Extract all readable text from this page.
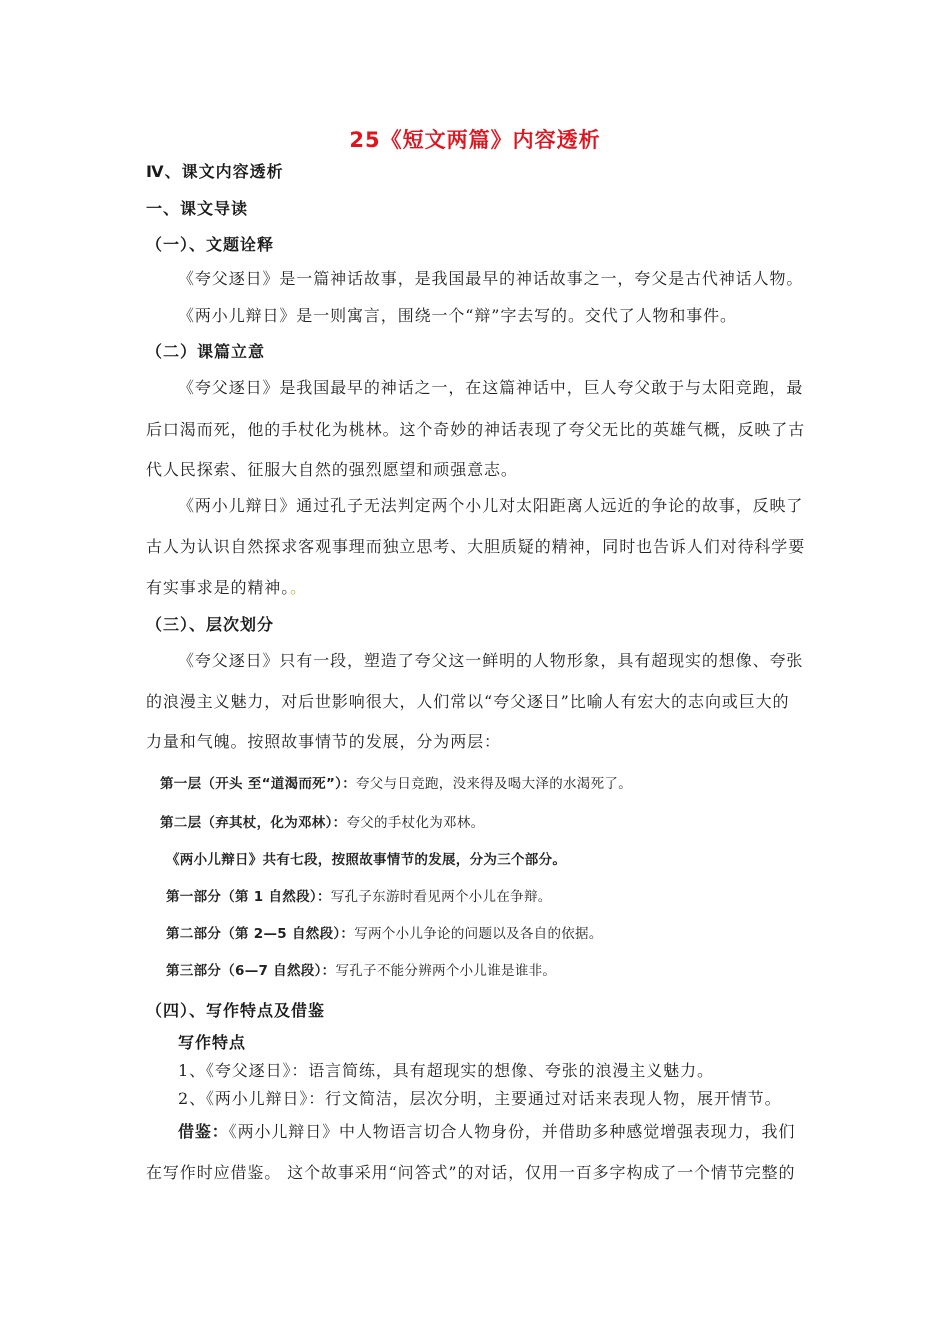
25《短文两篇》内容透析
Ⅳ、课文内容透析
一、课文导读
（一）、文题诠释
《夸父逐日》是一篇神话故事，是我国最早的神话故事之一，夸父是古代神话人物。
《两小儿辩日》是一则寓言，围绕一个“辩”字去写的。交代了人物和事件。
（二）课篇立意
《夸父逐日》是我国最早的神话之一，在这篇神话中，巨人夸父敢于与太阳竞跑，最
后口渴而死，他的手杖化为桃林。这个奇妙的神话表现了夸父无比的英雄气概，反映了古
代人民探索、征服大自然的强烈愿望和顽强意志。
《两小儿辩日》通过孔子无法判定两个小儿对太阳距离人远近的争论的故事，反映了
古人为认识自然探求客观事理而独立思考、大胆质疑的精神，同时也告诉人们对待科学要
有实事求是的精神。。
（三）、层次划分
《夸父逐日》只有一段，塑造了夸父这一鲜明的人物形象，具有超现实的想像、夸张
的浪漫主义魅力，对后世影响很大，人们常以“夸父逐日”比喻人有宏大的志向或巨大的
力量和气魄。按照故事情节的发展，分为两层：
第一层（开头 至“道渴而死”）：夸父与日竞跑，没来得及喝大泽的水渴死了。
第二层（弃其杖，化为邓林）：夸父的手杖化为邓林。
《两小儿辩日》共有七段，按照故事情节的发展，分为三个部分。
第一部分（第 1 自然段）：写孔子东游时看见两个小儿在争辩。
第二部分（第 2—5 自然段）：写两个小儿争论的问题以及各自的依据。
第三部分（6—7 自然段）：写孔子不能分辨两个小儿谁是谁非。
（四）、写作特点及借鉴
写作特点
1、《夸父逐日》：语言简练，具有超现实的想像、夸张的浪漫主义魅力。
2、《两小儿辩日》：行文简洁，层次分明，主要通过对话来表现人物，展开情节。
借鉴：《两小儿辩日》中人物语言切合人物身份，并借助多种感觉增强表现力，我们
在写作时应借鉴。 这个故事采用“问答式”的对话，仅用一百多字构成了一个情节完整的
